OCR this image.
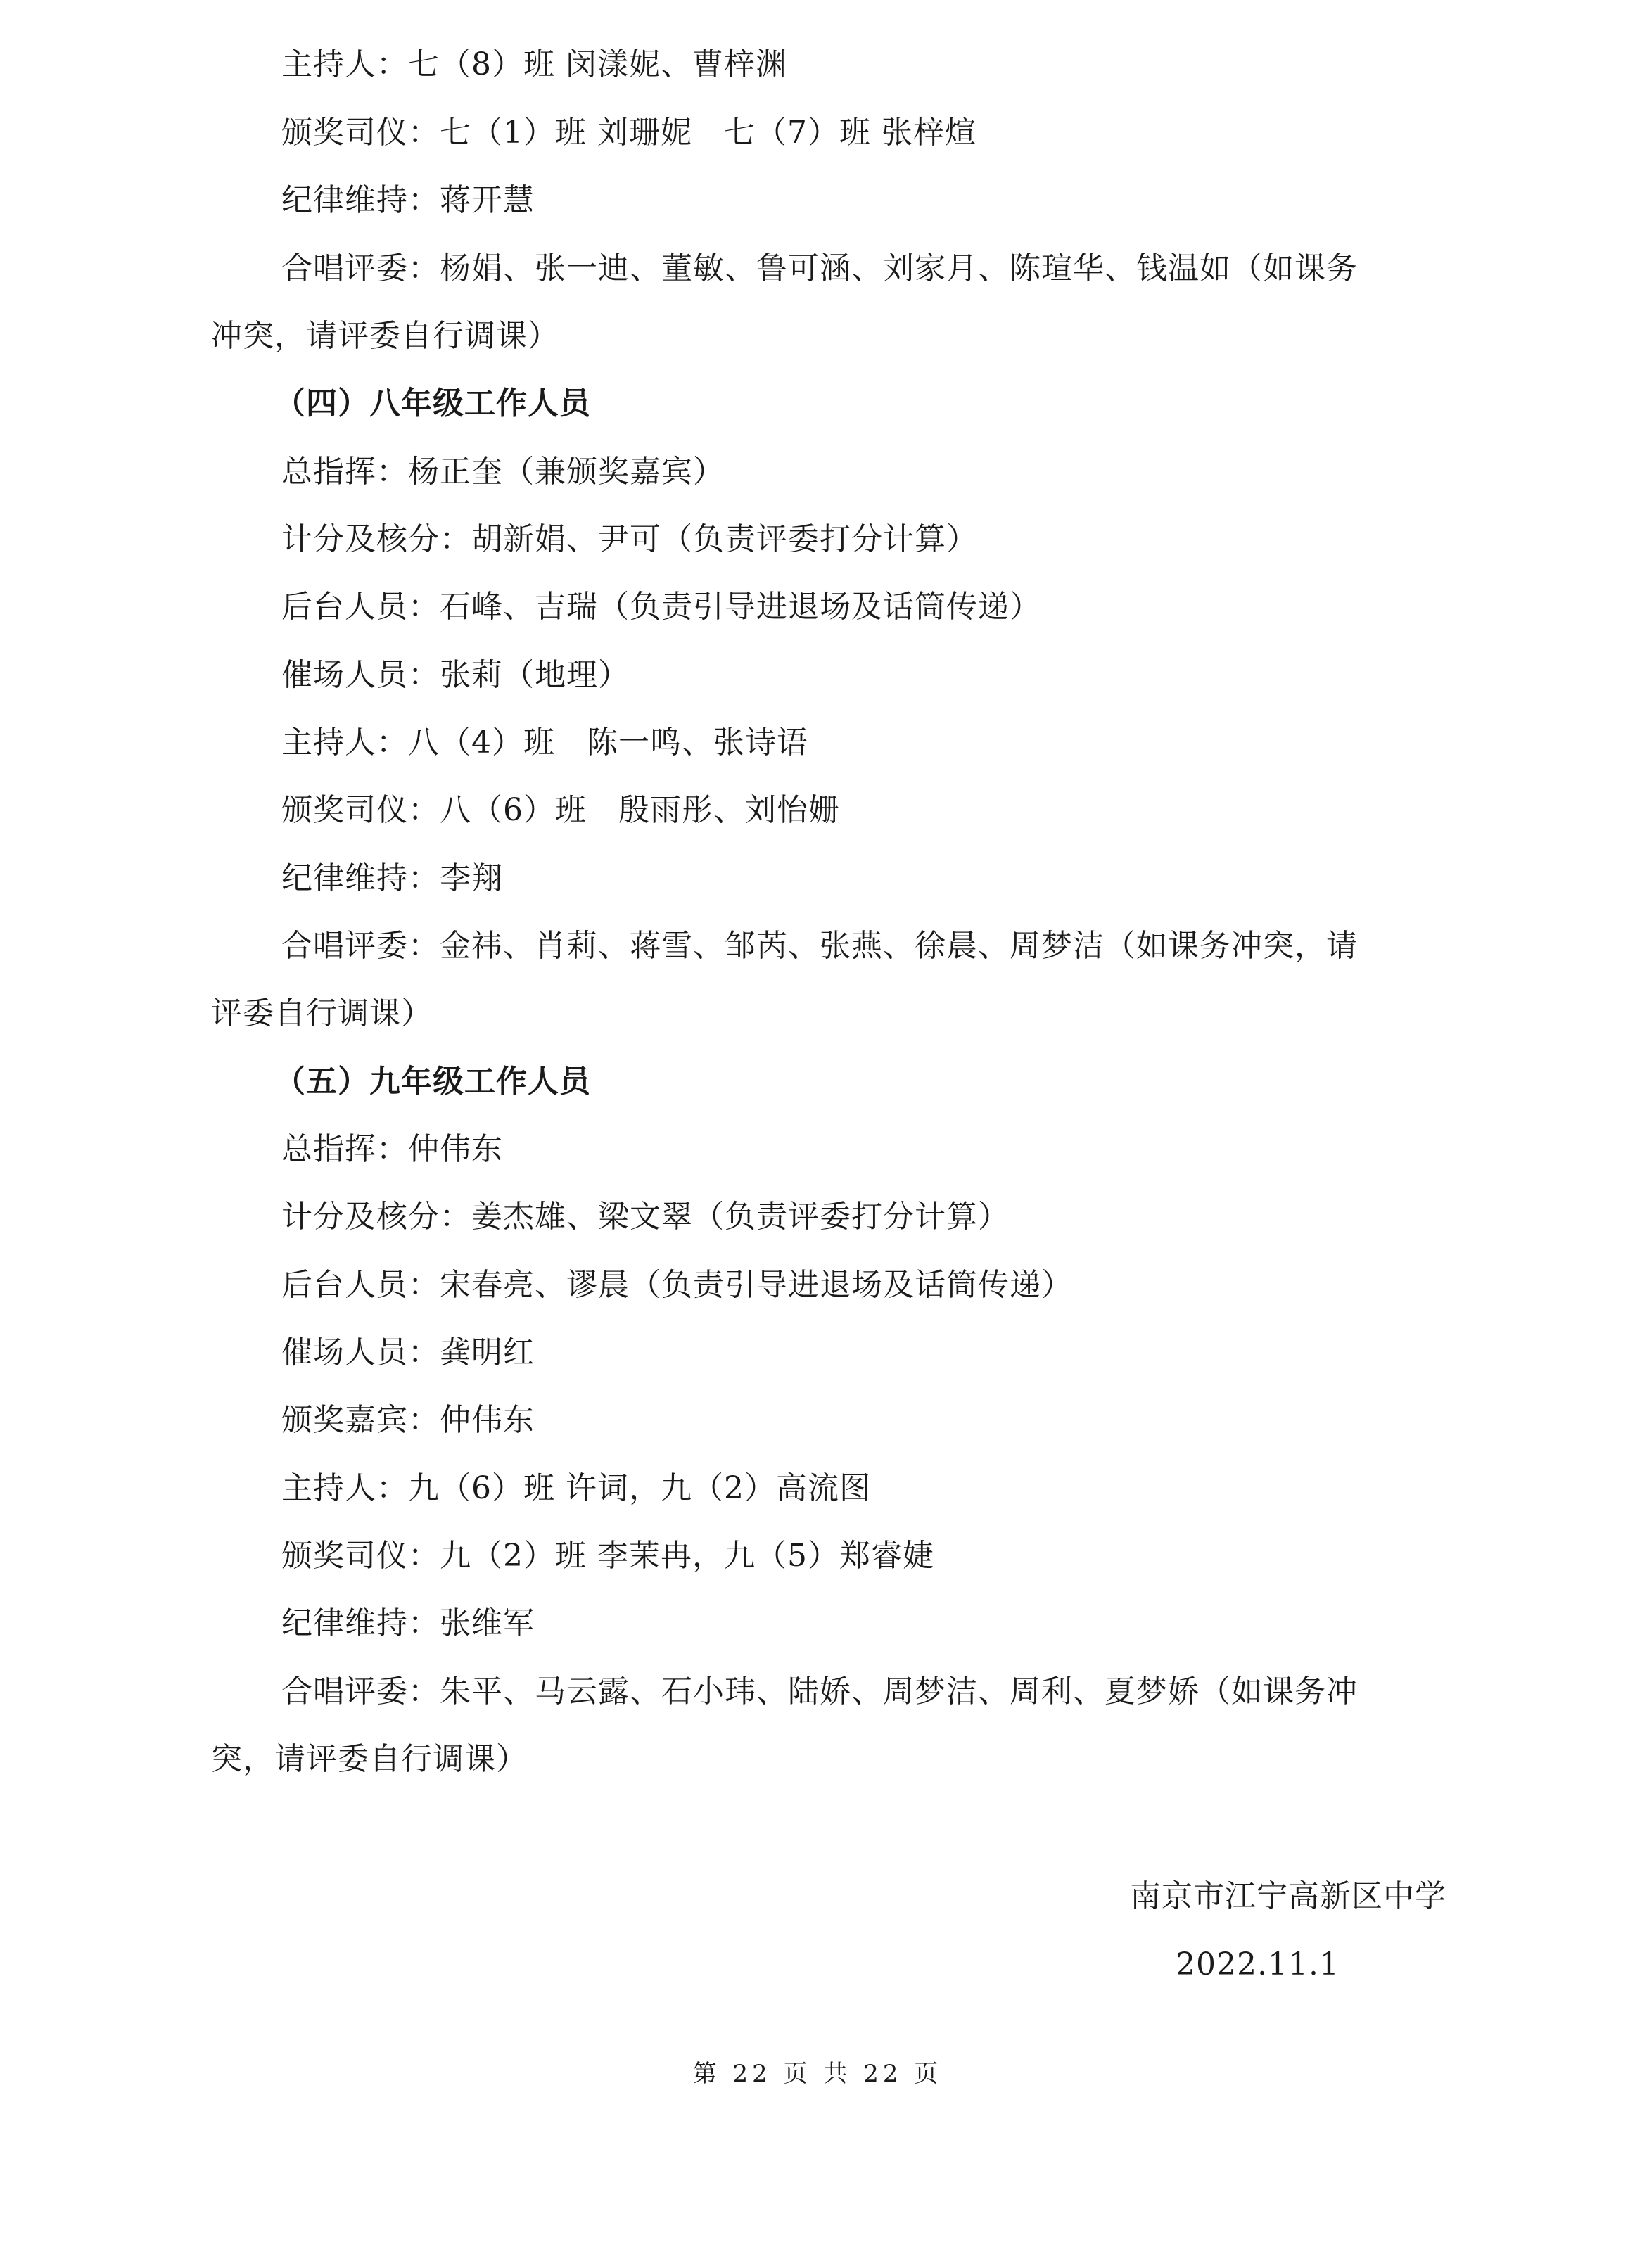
主持人：七（8）班 闵漾妮、曹梓渊
颁奖司仪：七（1）班 刘珊妮　七（7）班 张梓煊
纪律维持：蒋开慧
合唱评委：杨娟、张一迪、董敏、鲁可涵、刘家月、陈瑄华、钱温如（如课务
冲突，请评委自行调课）
（四）八年级工作人员
总指挥：杨正奎（兼颁奖嘉宾）
计分及核分：胡新娟、尹可（负责评委打分计算）
后台人员：石峰、吉瑞（负责引导进退场及话筒传递）
催场人员：张莉（地理）
主持人：八（4）班　陈一鸣、张诗语
颁奖司仪：八（6）班　殷雨彤、刘怡姗
纪律维持：李翔
合唱评委：金祎、肖莉、蒋雪、邹芮、张燕、徐晨、周梦洁（如课务冲突，请
评委自行调课）
（五）九年级工作人员
总指挥：仲伟东
计分及核分：姜杰雄、梁文翠（负责评委打分计算）
后台人员：宋春亮、谬晨（负责引导进退场及话筒传递）
催场人员：龚明红
颁奖嘉宾：仲伟东
主持人：九（6）班 许词，九（2）高流图
颁奖司仪：九（2）班 李茉冉，九（5）郑睿婕
纪律维持：张维军
合唱评委：朱平、马云露、石小玮、陆娇、周梦洁、周利、夏梦娇（如课务冲
突，请评委自行调课）
南京市江宁高新区中学
2022.11.1
第 22 页 共 22 页
